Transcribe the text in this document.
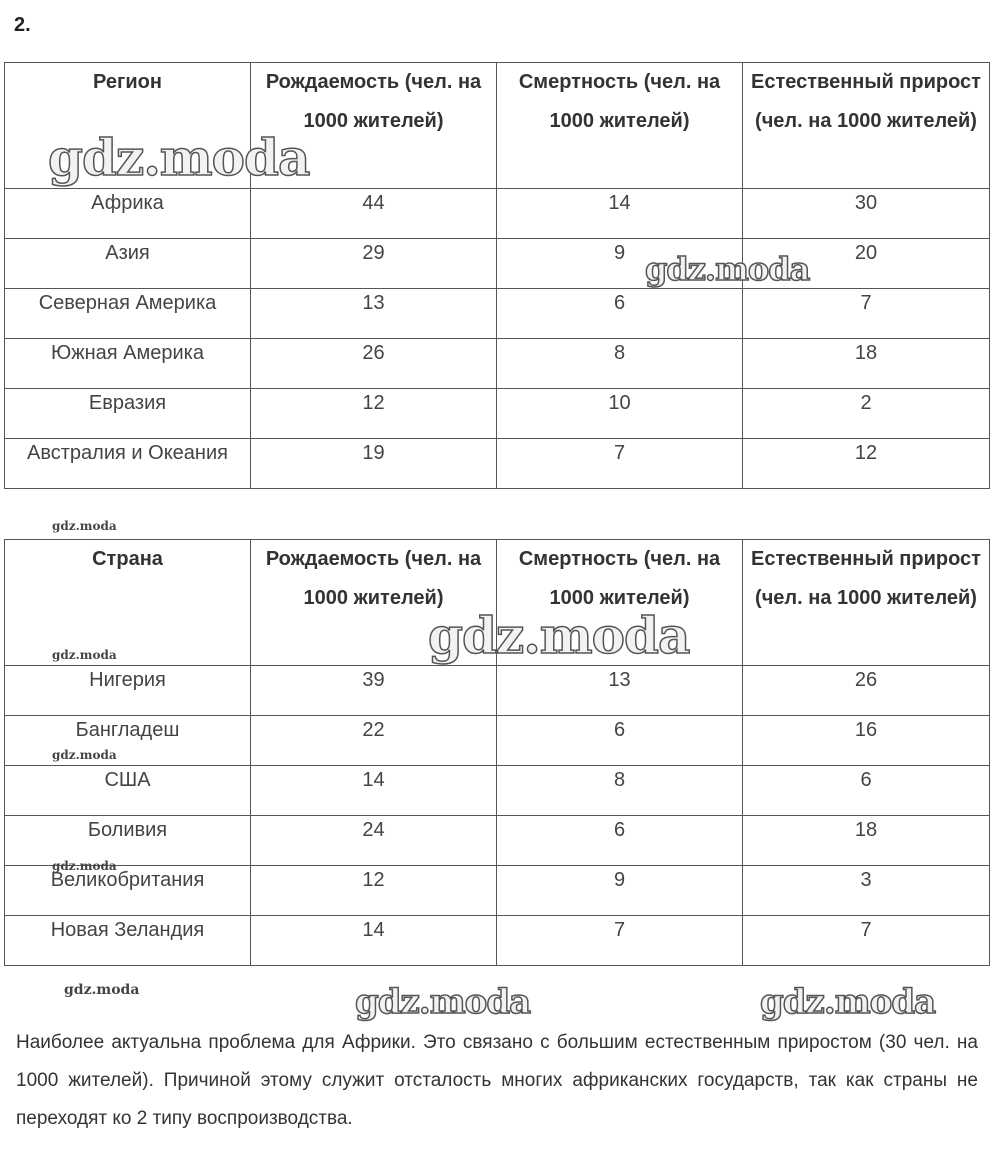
2.
Регион	Рождаемость (чел. на 1000 жителей)	Смертность (чел. на 1000 жителей)	Естественный прирост (чел. на 1000 жителей)
Африка	44	14	30
Азия	29	9	20
Северная Америка	13	6	7
Южная Америка	26	8	18
Евразия	12	10	2
Австралия и Океания	19	7	12
Страна	Рождаемость (чел. на 1000 жителей)	Смертность (чел. на 1000 жителей)	Естественный прирост (чел. на 1000 жителей)
Нигерия	39	13	26
Бангладеш	22	6	16
США	14	8	6
Боливия	24	6	18
Великобритания	12	9	3
Новая Зеландия	14	7	7
gdz.moda
gdz.moda
gdz.moda
gdz.moda	gdz.moda
gdz.moda
gdz.moda
gdz.moda
gdz.moda
gdz.moda

Наиболее актуальна проблема для Африки. Это связано с большим естественным приростом (30 чел. на 1000 жителей). Причиной этому служит отсталость многих африканских государств, так как страны не переходят ко 2 типу воспроизводства.
